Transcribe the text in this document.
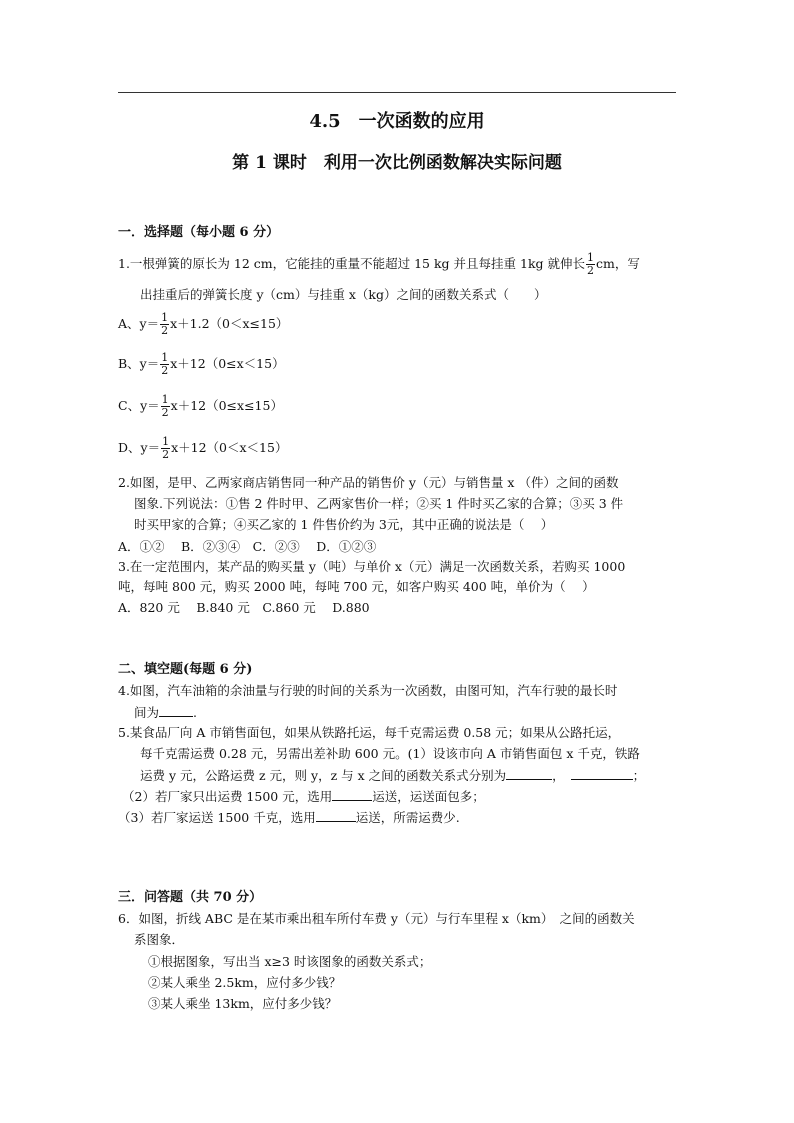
4.5　一次函数的应用
第 1 课时　利用一次比例函数解决实际问题
一．选择题（每小题 6 分）
1.一根弹簧的原长为 12 cm，它能挂的重量不能超过 15 kg 并且每挂重 1kg 就伸长 $\frac{1}{2}$ cm，写
出挂重后的弹簧长度 y（cm）与挂重 x（kg）之间的函数关系式（　　）
A、$y= \frac{1}{2} x+1.2(0<x\le 15)$
B、$y= \frac{1}{2} x+12(0\le x<15)$
C、$y= \frac{1}{2} x+12(0\le x\le 15)$
D、$y= \frac{1}{2} x+12(0<x<15)$
2.如图，是甲、乙两家商店销售同一种产品的销售价 y（元）与销售量 x （件）之间的函数
图象.下列说法：①售 2 件时甲、乙两家售价一样；②买 1 件时买乙家的合算；③买 3 件
时买甲家的合算；④买乙家的 1 件售价约为 3元，其中正确的说法是（　 ）
A．①②　 B．②③④　C．②③　 D．①②③
3.在一定范围内，某产品的购买量 y（吨）与单价 x（元）满足一次函数关系，若购买 1000
吨，每吨 800 元，购买 2000 吨，每吨 700 元，如客户购买 400 吨，单价为（　 ）
A．820 元　 B.840 元　C.860 元　 D.880
二、填空题(每题 6 分)
4.如图，汽车油箱的余油量与行驶的时间的关系为一次函数，由图可知，汽车行驶的最长时
间为	.
5.某食品厂向 A 市销售面包，如果从铁路托运，每千克需运费 0.58 元；如果从公路托运，
每千克需运费 0.28 元，另需出差补助 600 元。(1）设该市向 A 市销售面包 x 千克，铁路
运费 y 元，公路运费 z 元，则 y，z 与 x 之间的函数关系式分别为	，	；
（2）若厂家只出运费 1500 元，选用	运送，运送面包多；
（3）若厂家运送 1500 千克，选用	运送，所需运费少.
三．问答题（共 70 分）
6．如图，折线 ABC 是在某市乘出租车所付车费 y（元）与行车里程 x（km）　之间的函数关
系图象．
①根据图象，写出当 x≥3 时该图象的函数关系式；
②某人乘坐 2.5km，应付多少钱？
③某人乘坐 13km，应付多少钱？
